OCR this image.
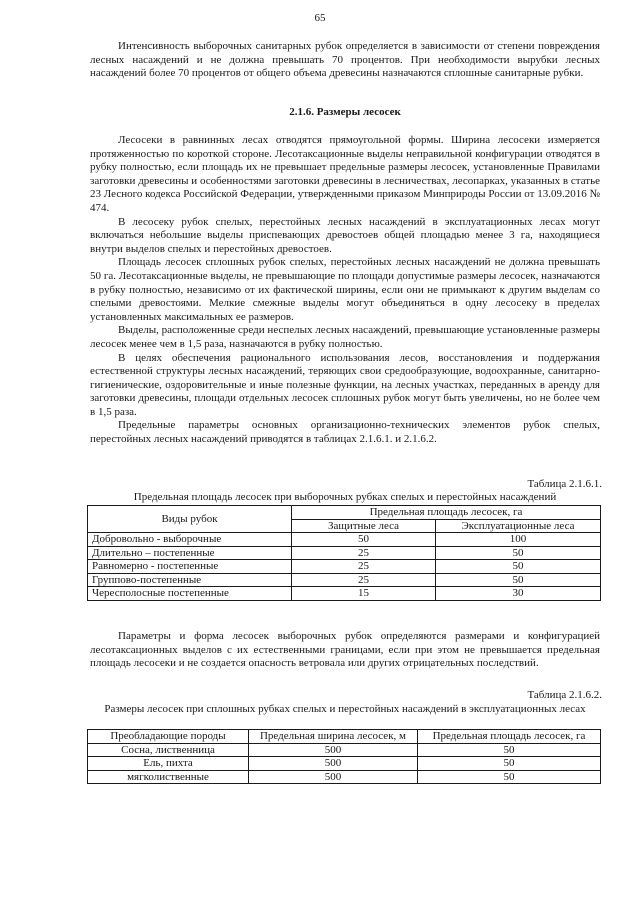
65

Интенсивность выборочных санитарных рубок определяется в зависимости от степени повреждения лесных насаждений и не должна превышать 70 процентов. При необходимости вырубки лесных насаждений более 70 процентов от общего объема древесины назначаются сплошные санитарные рубки.

2.1.6. Размеры лесосек

Лесосеки в равнинных лесах отводятся прямоугольной формы. Ширина лесосеки измеряется протяженностью по короткой стороне. Лесотаксационные выделы неправильной конфигурации отводятся в рубку полностью, если площадь их не превышает предельные размеры лесосек, установленные Правилами заготовки древесины и особенностями заготовки древесины в лесничествах, лесопарках, указанных в статье 23 Лесного кодекса Российской Федерации, утвержденными приказом Минприроды России от 13.09.2016 № 474.

В лесосеку рубок спелых, перестойных лесных насаждений в эксплуатационных лесах могут включаться небольшие выделы приспевающих древостоев общей площадью менее 3 га, находящиеся внутри выделов спелых и перестойных древостоев.

Площадь лесосек сплошных рубок спелых, перестойных лесных насаждений не должна превышать 50 га. Лесотаксационные выделы, не превышающие по площади допустимые размеры лесосек, назначаются в рубку полностью, независимо от их фактической ширины, если они не примыкают к другим выделам со спелыми древостоями. Мелкие смежные выделы могут объединяться в одну лесосеку в пределах установленных максимальных ее размеров.

Выделы, расположенные среди неспелых лесных насаждений, превышающие установленные размеры лесосек менее чем в 1,5 раза, назначаются в рубку полностью.

В целях обеспечения рационального использования лесов, восстановления и поддержания естественной структуры лесных насаждений, теряющих свои средообразующие, водоохранные, санитарно-гигиенические, оздоровительные и иные полезные функции, на лесных участках, переданных в аренду для заготовки древесины, площади отдельных лесосек сплошных рубок могут быть увеличены, но не более чем в 1,5 раза.

Предельные параметры основных организационно-технических элементов рубок спелых, перестойных лесных насаждений приводятся в таблицах 2.1.6.1. и 2.1.6.2.

Таблица 2.1.6.1.
Предельная площадь лесосек при выборочных рубках спелых и перестойных насаждений
Виды рубок	Предельная площадь лесосек, га	
	Защитные леса	Эксплуатационные леса
Добровольно - выборочные	50	100
Длительно – постепенные	25	50
Равномерно - постепенные	25	50
Группово-постепенные	25	50
Чересполосные постепенные	15	30

Параметры и форма лесосек выборочных рубок определяются размерами и конфигурацией лесотаксационных выделов с их естественными границами, если при этом не превышается предельная площадь лесосеки и не создается опасность ветровала или других отрицательных последствий.

Таблица 2.1.6.2.
Размеры лесосек при сплошных рубках спелых и перестойных насаждений в эксплуатационных лесах
Преобладающие породы	Предельная ширина лесосек, м	Предельная площадь лесосек, га
Сосна, лиственница	500	50
Ель, пихта	500	50
мягколиственные	500	50
